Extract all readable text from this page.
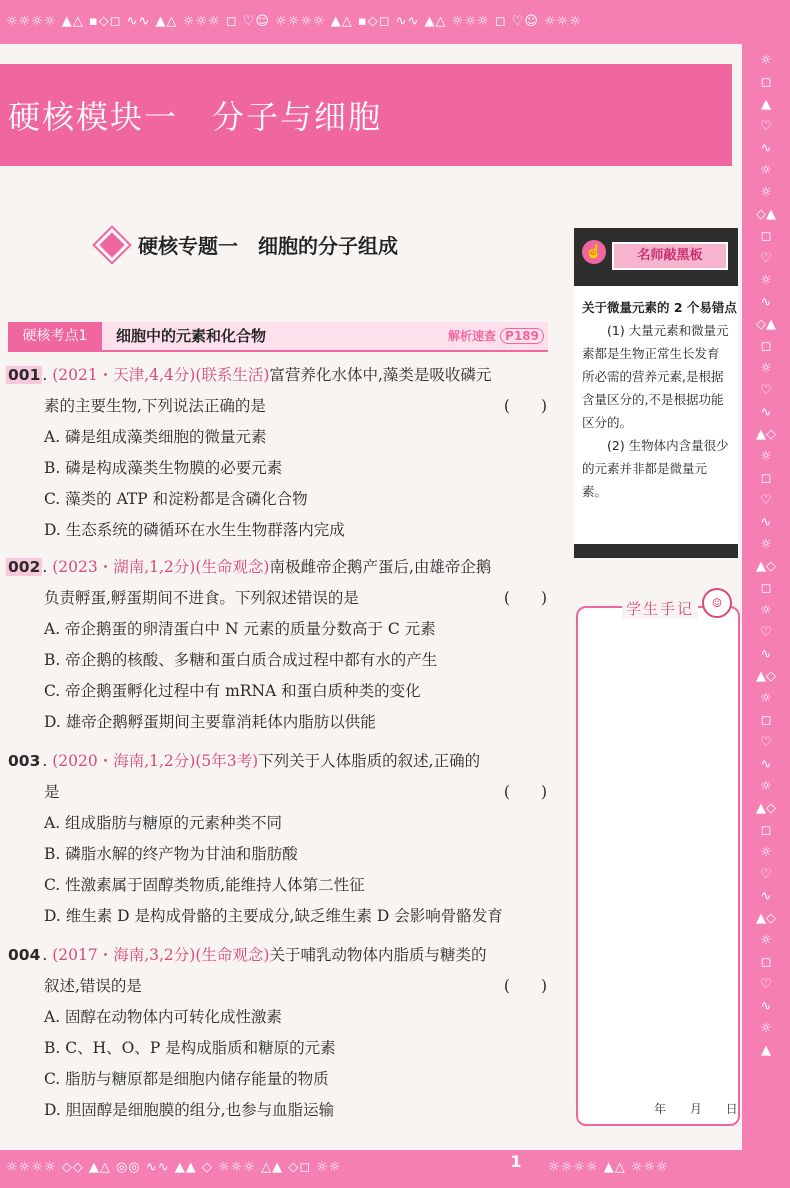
☼☼☼☼ ▲△ ▪◇◻ ∿∿ ▲△ ☼☼☼ ◻ ♡☺ ☼☼☼☼ ▲△ ▪◇◻ ∿∿ ▲△ ☼☼☼ ◻ ♡☺ ☼☼☼
☼☼☼☼ ◇◇ ▲△ ◎◎ ∿∿ ▲▲ ◇ ☼☼☼ △▲ ◇◻ ☼☼	☼☼☼☼ ▲△ ☼☼☼
☼◻▲♡∿☼☼◇▲◻♡☼∿◇▲◻☼♡∿▲◇☼◻♡∿☼▲◇◻☼♡∿▲◇☼◻♡∿☼▲◇◻☼♡∿▲◇☼◻♡∿☼▲
硬核模块一　分子与细胞
硬核专题一　细胞的分子组成
硬核考点1	细胞中的元素和化合物	解析速查 P189
001 . (2021・天津,4,4分)(联系生活)富营养化水体中,藻类是吸收磷元
素的主要生物,下列说法正确的是	(　　)
A. 磷是组成藻类细胞的微量元素
B. 磷是构成藻类生物膜的必要元素
C. 藻类的 ATP 和淀粉都是含磷化合物
D. 生态系统的磷循环在水生生物群落内完成
002 . (2023・湖南,1,2分)(生命观念)南极雌帝企鹅产蛋后,由雄帝企鹅
负责孵蛋,孵蛋期间不进食。下列叙述错误的是	(　　)
A. 帝企鹅蛋的卵清蛋白中 N 元素的质量分数高于 C 元素
B. 帝企鹅的核酸、多糖和蛋白质合成过程中都有水的产生
C. 帝企鹅蛋孵化过程中有 mRNA 和蛋白质种类的变化
D. 雄帝企鹅孵蛋期间主要靠消耗体内脂肪以供能
003 . (2020・海南,1,2分)(5年3考)下列关于人体脂质的叙述,正确的
是	(　　)
A. 组成脂肪与糖原的元素种类不同
B. 磷脂水解的终产物为甘油和脂肪酸
C. 性激素属于固醇类物质,能维持人体第二性征
D. 维生素 D 是构成骨骼的主要成分,缺乏维生素 D 会影响骨骼发育
004 . (2017・海南,3,2分)(生命观念)关于哺乳动物体内脂质与糖类的
叙述,错误的是	(　　)
A. 固醇在动物体内可转化成性激素
B. C、H、O、P 是构成脂质和糖原的元素
C. 脂肪与糖原都是细胞内储存能量的物质
D. 胆固醇是细胞膜的组分,也参与血脂运输
☝	名师敲黑板
关于微量元素的 2 个易错点

(1) 大量元素和微量元素都是生物正常生长发育所必需的营养元素,是根据含量区分的,不是根据功能区分的。

(2) 生物体内含量很少的元素并非都是微量元素。

学生手记	☺
年 月 日
1
